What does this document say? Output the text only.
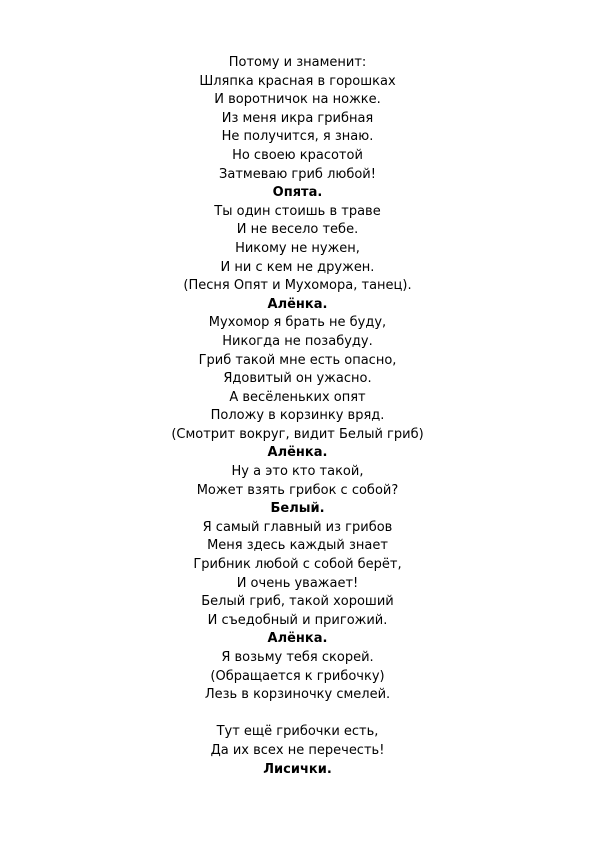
Потому и знаменит:
Шляпка красная в горошках
И воротничок на ножке.
Из меня икра грибная
Не получится, я знаю.
Но своею красотой
Затмеваю гриб любой!
Опята.
Ты один стоишь в траве
И не весело тебе.
Никому не нужен,
И ни с кем не дружен.
(Песня Опят и Мухомора, танец).
Алёнка.
Мухомор я брать не буду,
Никогда не позабуду.
Гриб такой мне есть опасно,
Ядовитый он ужасно.
А весёленьких опят
Положу в корзинку вряд.
(Смотрит вокруг, видит Белый гриб)
Алёнка.
Ну а это кто такой,
Может взять грибок с собой?
Белый.
Я самый главный из грибов
Меня здесь каждый знает
Грибник любой с собой берёт,
И очень уважает!
Белый гриб, такой хороший
И съедобный и пригожий.
Алёнка.
Я возьму тебя скорей.
(Обращается к грибочку)
Лезь в корзиночку смелей.
Тут ещё грибочки есть,
Да их всех не перечесть!
Лисички.
